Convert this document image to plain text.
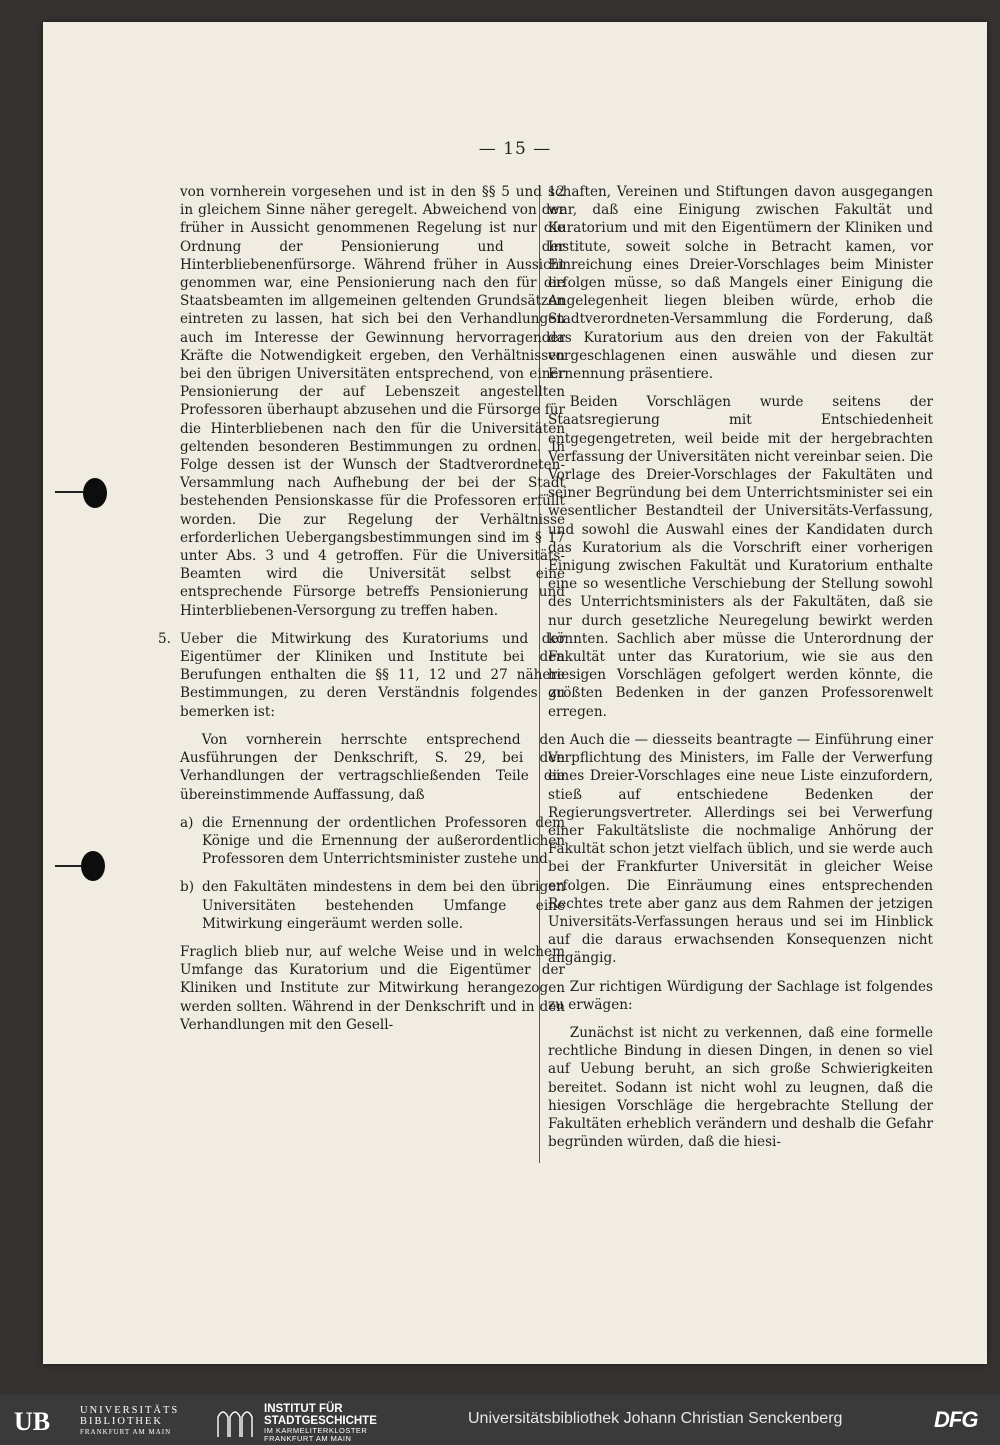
— 15 —

von vornherein vorgesehen und ist in den §§ 5 und 12 in gleichem Sinne näher geregelt. Abweichend von der früher in Aussicht genommenen Regelung ist nur die Ordnung der Pensionierung und der Hinterbliebenenfürsorge. Während früher in Aussicht genommen war, eine Pensionierung nach den für die Staatsbeamten im allgemeinen geltenden Grundsätzen eintreten zu lassen, hat sich bei den Verhandlungen auch im Interesse der Gewinnung hervorragender Kräfte die Notwendigkeit ergeben, den Verhältnissen bei den übrigen Universitäten entsprechend, von einer Pensionierung der auf Lebenszeit angestellten Professoren überhaupt abzusehen und die Fürsorge für die Hinterbliebenen nach den für die Universitäten geltenden besonderen Bestimmungen zu ordnen. In Folge dessen ist der Wunsch der Stadtverordneten-Versammlung nach Aufhebung der bei der Stadt bestehenden Pensionskasse für die Professoren erfüllt worden. Die zur Regelung der Verhältnisse erforderlichen Uebergangsbestimmungen sind im § 17 unter Abs. 3 und 4 getroffen. Für die Universitäts-Beamten wird die Universität selbst eine entsprechende Fürsorge betreffs Pensionierung und Hinterbliebenen-Versorgung zu treffen haben.

5. Ueber die Mitwirkung des Kuratoriums und der Eigentümer der Kliniken und Institute bei den Berufungen enthalten die §§ 11, 12 und 27 nähere Bestimmungen, zu deren Verständnis folgendes zu bemerken ist:

Von vornherein herrschte entsprechend den Ausführungen der Denkschrift, S. 29, bei den Verhandlungen der vertragschließenden Teile die übereinstimmende Auffassung, daß

a) die Ernennung der ordentlichen Professoren dem Könige und die Ernennung der außerordentlichen Professoren dem Unterrichtsminister zustehe und

b) den Fakultäten mindestens in dem bei den übrigen Universitäten bestehenden Umfange eine Mitwirkung eingeräumt werden solle.

Fraglich blieb nur, auf welche Weise und in welchem Umfange das Kuratorium und die Eigentümer der Kliniken und Institute zur Mitwirkung herangezogen werden sollten. Während in der Denkschrift und in den Verhandlungen mit den Gesell-

schaften, Vereinen und Stiftungen davon ausgegangen war, daß eine Einigung zwischen Fakultät und Kuratorium und mit den Eigentümern der Kliniken und Institute, soweit solche in Betracht kamen, vor Einreichung eines Dreier-Vorschlages beim Minister erfolgen müsse, so daß Mangels einer Einigung die Angelegenheit liegen bleiben würde, erhob die Stadtverordneten-Versammlung die Forderung, daß das Kuratorium aus den dreien von der Fakultät vorgeschlagenen einen auswähle und diesen zur Ernennung präsentiere.

Beiden Vorschlägen wurde seitens der Staatsregierung mit Entschiedenheit entgegengetreten, weil beide mit der hergebrachten Verfassung der Universitäten nicht vereinbar seien. Die Vorlage des Dreier-Vorschlages der Fakultäten und seiner Begründung bei dem Unterrichtsminister sei ein wesentlicher Bestandteil der Universitäts-Verfassung, und sowohl die Auswahl eines der Kandidaten durch das Kuratorium als die Vorschrift einer vorherigen Einigung zwischen Fakultät und Kuratorium enthalte eine so wesentliche Verschiebung der Stellung sowohl des Unterrichtsministers als der Fakultäten, daß sie nur durch gesetzliche Neuregelung bewirkt werden könnten. Sachlich aber müsse die Unterordnung der Fakultät unter das Kuratorium, wie sie aus den hiesigen Vorschlägen gefolgert werden könnte, die größten Bedenken in der ganzen Professorenwelt erregen.

Auch die — diesseits beantragte — Einführung einer Verpflichtung des Ministers, im Falle der Verwerfung eines Dreier-Vorschlages eine neue Liste einzufordern, stieß auf entschiedene Bedenken der Regierungsvertreter. Allerdings sei bei Verwerfung einer Fakultätsliste die nochmalige Anhörung der Fakultät schon jetzt vielfach üblich, und sie werde auch bei der Frankfurter Universität in gleicher Weise erfolgen. Die Einräumung eines entsprechenden Rechtes trete aber ganz aus dem Rahmen der jetzigen Universitäts-Verfassungen heraus und sei im Hinblick auf die daraus erwachsenden Konsequenzen nicht angängig.

Zur richtigen Würdigung der Sachlage ist folgendes zu erwägen:

Zunächst ist nicht zu verkennen, daß eine formelle rechtliche Bindung in diesen Dingen, in denen so viel auf Uebung beruht, an sich große Schwierigkeiten bereitet. Sodann ist nicht wohl zu leugnen, daß die hiesigen Vorschläge die hergebrachte Stellung der Fakultäten erheblich verändern und deshalb die Gefahr begründen würden, daß die hiesi-

UB	UNIVERSITÄTS
BIBLIOTHEK
FRANKFURT AM MAIN
INSTITUT FÜR
STADTGESCHICHTE
IM KARMELITERKLOSTER
FRANKFURT AM MAIN
Universitätsbibliothek Johann Christian Senckenberg	DFG
